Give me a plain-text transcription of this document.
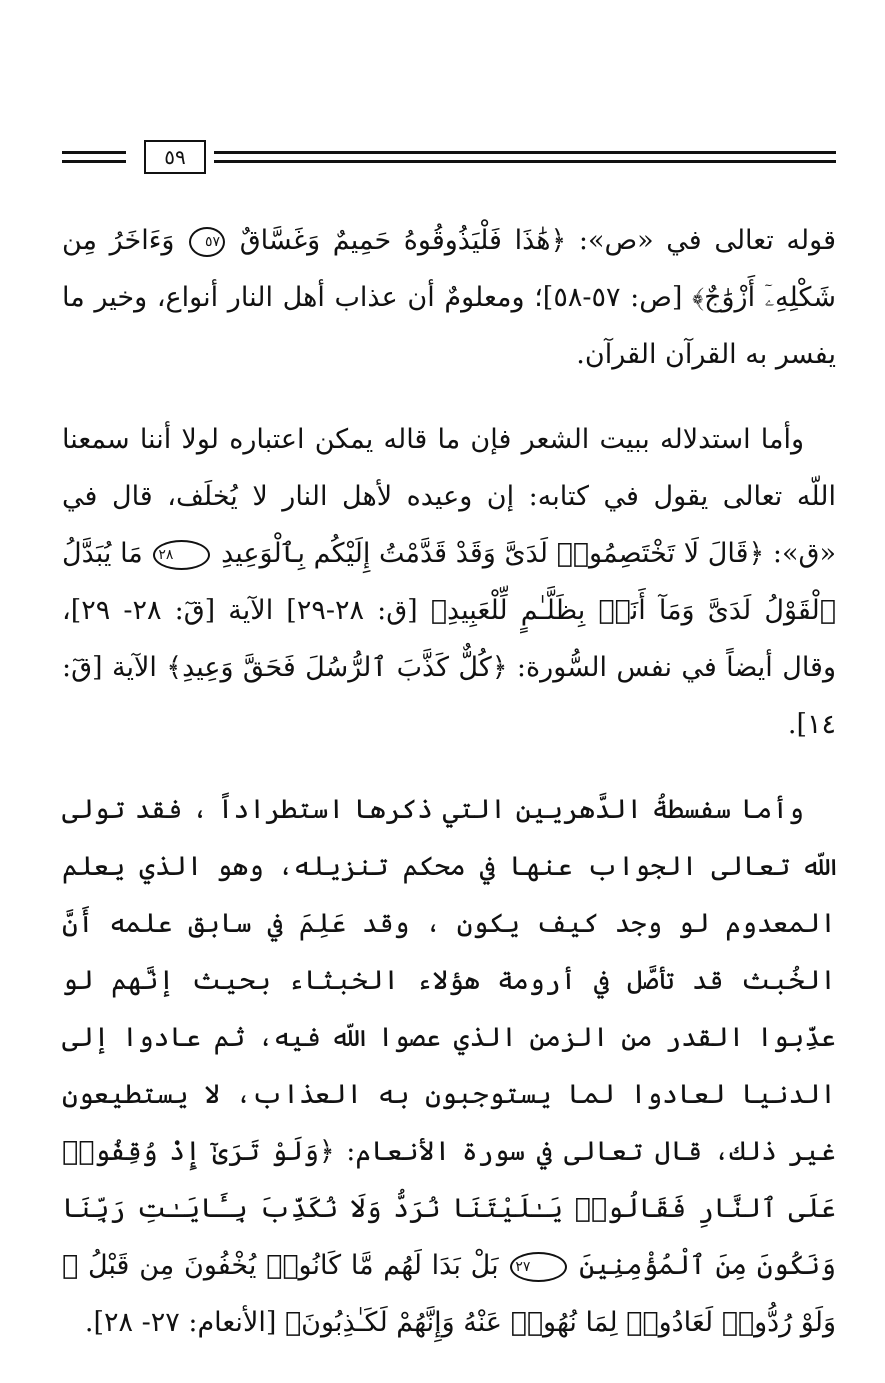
٥٩

قوله تعالى في «ص»: ﴿هَٰذَا فَلْيَذُوقُوهُ حَمِيمٌ وَغَسَّاقٌ ٥٧ وَءَاخَرُ مِن شَكْلِهِۦٓ أَزْوَٰجٌ﴾ [ص: ٥٧-٥٨]؛ ومعلومٌ أن عذاب أهل النار أنواع، وخير ما يفسر به القرآن القرآن.

وأما استدلاله ببيت الشعر فإن ما قاله يمكن اعتباره لولا أننا سمعنا اللّه تعالى يقول في كتابه: إن وعيده لأهل النار لا يُخلَف، قال في «ق»: ﴿قَالَ لَا تَخْتَصِمُوا۟ لَدَىَّ وَقَدْ قَدَّمْتُ إِلَيْكُم بِٱلْوَعِيدِ ٢٨ مَا يُبَدَّلُ ٱلْقَوْلُ لَدَىَّ وَمَآ أَنَا۠ بِظَلَّـٰمٍ لِّلْعَبِيدِ﴾ [ق: ٢٨-٢٩] الآية [قٓ: ٢٨- ٢٩]، وقال أيضاً في نفس السُّورة: ﴿كُلٌّ كَذَّبَ ٱلرُّسُلَ فَحَقَّ وَعِيدِ﴾ الآية [قٓ: ١٤].

وأما سفسطةُ الدَّهريين التي ذكرها استطراداً ، فقد تولى اللّه تعالى الجواب عنها في محكم تنزيله، وهو الذي يعلم المعدوم لو وجد كيف يكون ، وقد عَلِمَ في سابق علمه أَنَّ الخُبث قد تأصَّل في أرومة هؤلاء الخبثاء بحيث إنَّهم لو عذِّبوا القدر من الزمن الذي عصوا اللّه فيه، ثم عادوا إلى الدنيا لعادوا لما يستوجبون به العذاب، لا يستطيعون غير ذلك، قال تعالى في سورة الأنعام: ﴿وَلَوْ تَرَىٰٓ إِذْ وُقِفُوا۟ عَلَى ٱلنَّارِ فَقَالُوا۟ يَـٰلَيْتَنَا نُرَدُّ وَلَا نُكَذِّبَ بِـَٔايَـٰتِ رَبِّنَا وَنَكُونَ مِنَ ٱلْمُؤْمِنِينَ ٢٧ بَلْ بَدَا لَهُم مَّا كَانُوا۟ يُخْفُونَ مِن قَبْلُ ۖ وَلَوْ رُدُّوا۟ لَعَادُوا۟ لِمَا نُهُوا۟ عَنْهُ وَإِنَّهُمْ لَكَـٰذِبُونَ﴾ [الأنعام: ٢٧- ٢٨].
